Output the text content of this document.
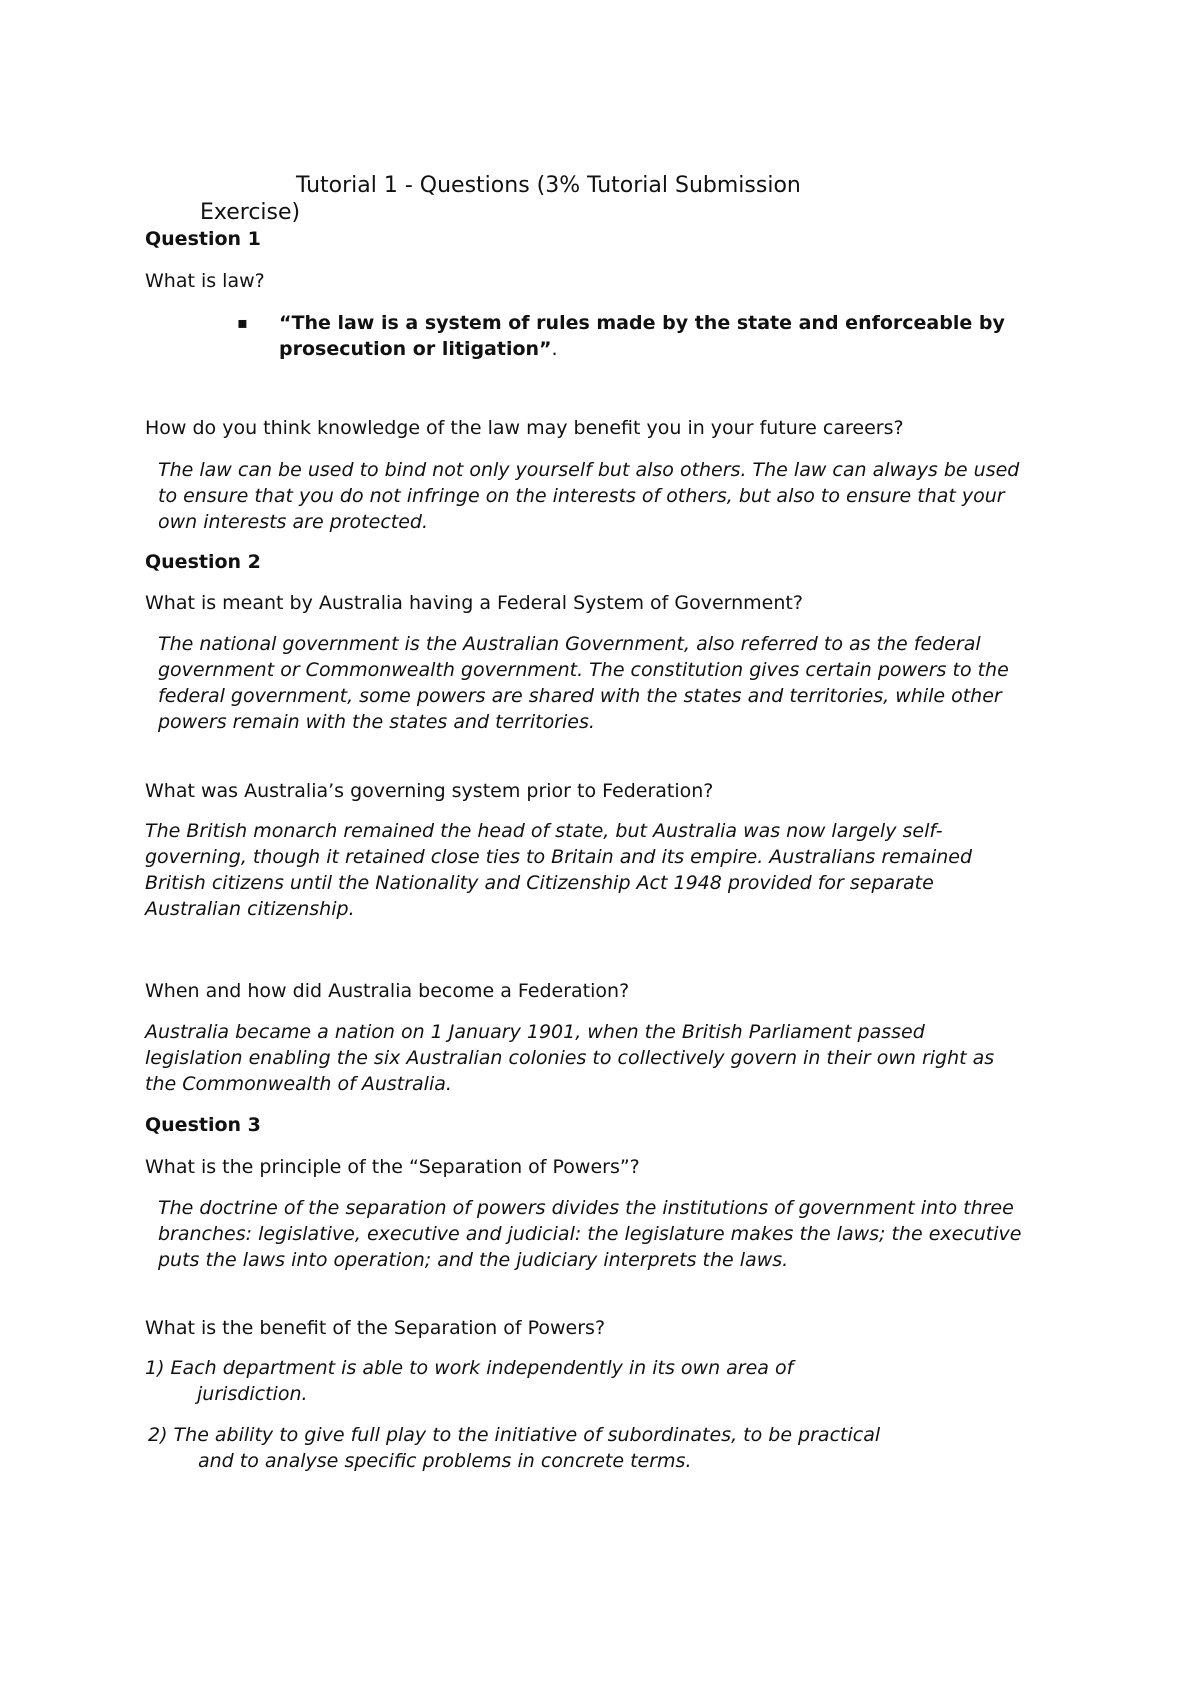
Tutorial 1 - Questions (3% Tutorial Submission
Exercise)

Question 1

What is law?

▪	“The law is a system of rules made by the state and enforceable by prosecution or litigation”.

How do you think knowledge of the law may benefit you in your future careers?

The law can be used to bind not only yourself but also others. The law can always be used to ensure that you do not infringe on the interests of others, but also to ensure that your own interests are protected.

Question 2

What is meant by Australia having a Federal System of Government?

The national government is the Australian Government, also referred to as the federal government or Commonwealth government. The constitution gives certain powers to the federal government, some powers are shared with the states and territories, while other powers remain with the states and territories.

What was Australia’s governing system prior to Federation?

The British monarch remained the head of state, but Australia was now largely self-governing, though it retained close ties to Britain and its empire. Australians remained British citizens until the Nationality and Citizenship Act 1948 provided for separate Australian citizenship.

When and how did Australia become a Federation?

Australia became a nation on 1 January 1901, when the British Parliament passed legislation enabling the six Australian colonies to collectively govern in their own right as the Commonwealth of Australia.

Question 3

What is the principle of the “Separation of Powers”?

The doctrine of the separation of powers divides the institutions of government into three branches: legislative, executive and judicial: the legislature makes the laws; the executive puts the laws into operation; and the judiciary interprets the laws.

What is the benefit of the Separation of Powers?

1) Each department is able to work independently in its own area of
jurisdiction.
2) The ability to give full play to the initiative of subordinates, to be practical
and to analyse specific problems in concrete terms.
